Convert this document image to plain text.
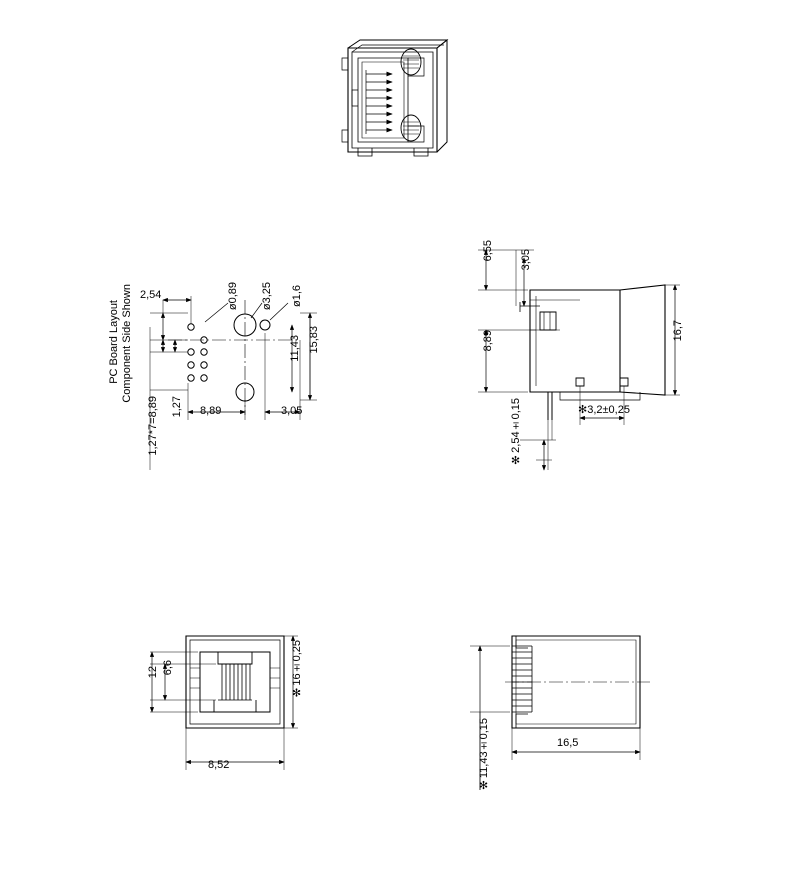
PC Board Layout Component Side Shown	ø0,89 ø3,25 ø1,6
2,54
15,83
11,43
1,27
1,27*7=8,89	8,89	3,05
6,55 3,05
8,89	16,7
✻3,2±0,25
✻2,54±0,15
6,6
12	✻16±0,25
8,52	✻11,43±0,15	16,5
